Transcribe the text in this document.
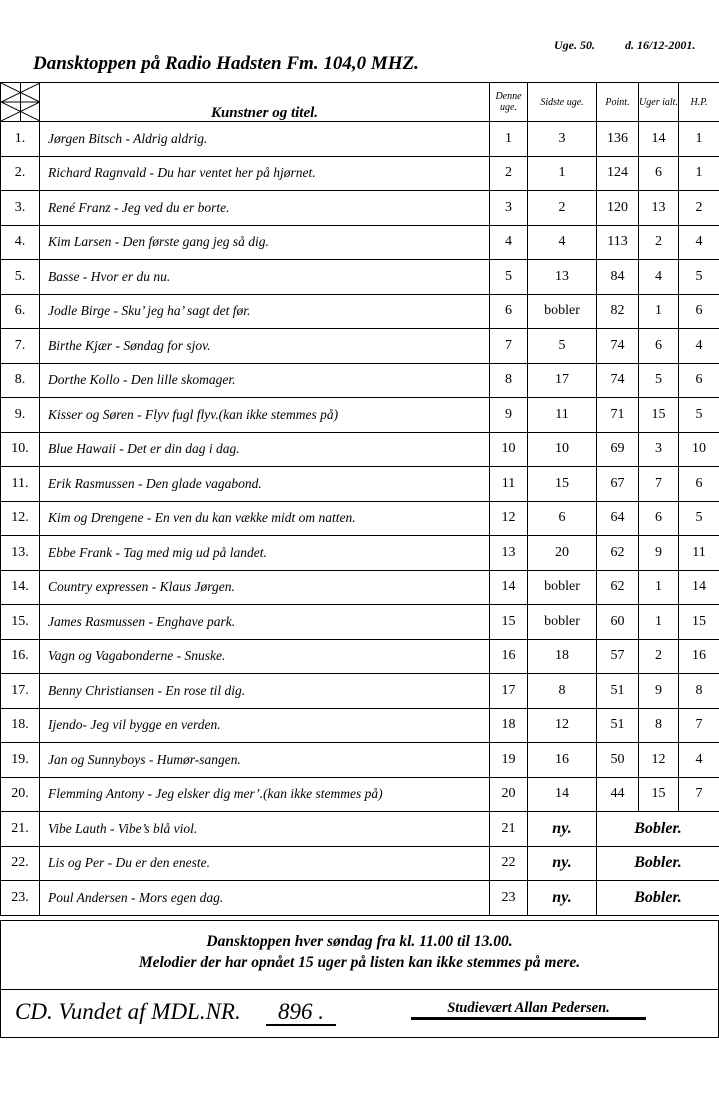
Uge. 50.	d. 16/12-2001.
Dansktoppen på Radio Hadsten Fm. 104,0 MHZ.
	Kunstner og titel.	Denne uge.	Sidste uge.	Point.	Uger ialt.	H.P.
1.	Jørgen Bitsch - Aldrig aldrig.	1	3	136	14	1
2.	Richard Ragnvald - Du har ventet her på hjørnet.	2	1	124	6	1
3.	René Franz - Jeg ved du er borte.	3	2	120	13	2
4.	Kim Larsen - Den første gang jeg så dig.	4	4	113	2	4
5.	Basse - Hvor er du nu.	5	13	84	4	5
6.	Jodle Birge - Sku’ jeg ha’ sagt det før.	6	bobler	82	1	6
7.	Birthe Kjær - Søndag for sjov.	7	5	74	6	4
8.	Dorthe Kollo - Den lille skomager.	8	17	74	5	6
9.	Kisser og Søren - Flyv fugl flyv.(kan ikke stemmes på)	9	11	71	15	5
10.	Blue Hawaii - Det er din dag i dag.	10	10	69	3	10
11.	Erik Rasmussen - Den glade vagabond.	11	15	67	7	6
12.	Kim og Drengene - En ven du kan vække midt om natten.	12	6	64	6	5
13.	Ebbe Frank - Tag med mig ud på landet.	13	20	62	9	11
14.	Country expressen - Klaus Jørgen.	14	bobler	62	1	14
15.	James Rasmussen - Enghave park.	15	bobler	60	1	15
16.	Vagn og Vagabonderne - Snuske.	16	18	57	2	16
17.	Benny Christiansen - En rose til dig.	17	8	51	9	8
18.	Ijendo- Jeg vil bygge en verden.	18	12	51	8	7
19.	Jan og Sunnyboys - Humør-sangen.	19	16	50	12	4
20.	Flemming Antony - Jeg elsker dig mer’.(kan ikke stemmes på)	20	14	44	15	7
21.	Vibe Lauth - Vibe’s blå viol.	21	ny.	Bobler.		
22.	Lis og Per - Du er den eneste.	22	ny.	Bobler.		
23.	Poul Andersen - Mors egen dag.	23	ny.	Bobler.		
Dansktoppen hver søndag fra kl. 11.00 til 13.00.
Melodier der har opnået 15 uger på listen kan ikke stemmes på mere.
CD. Vundet af MDL.NR.	896 .	Studievært Allan Pedersen.
